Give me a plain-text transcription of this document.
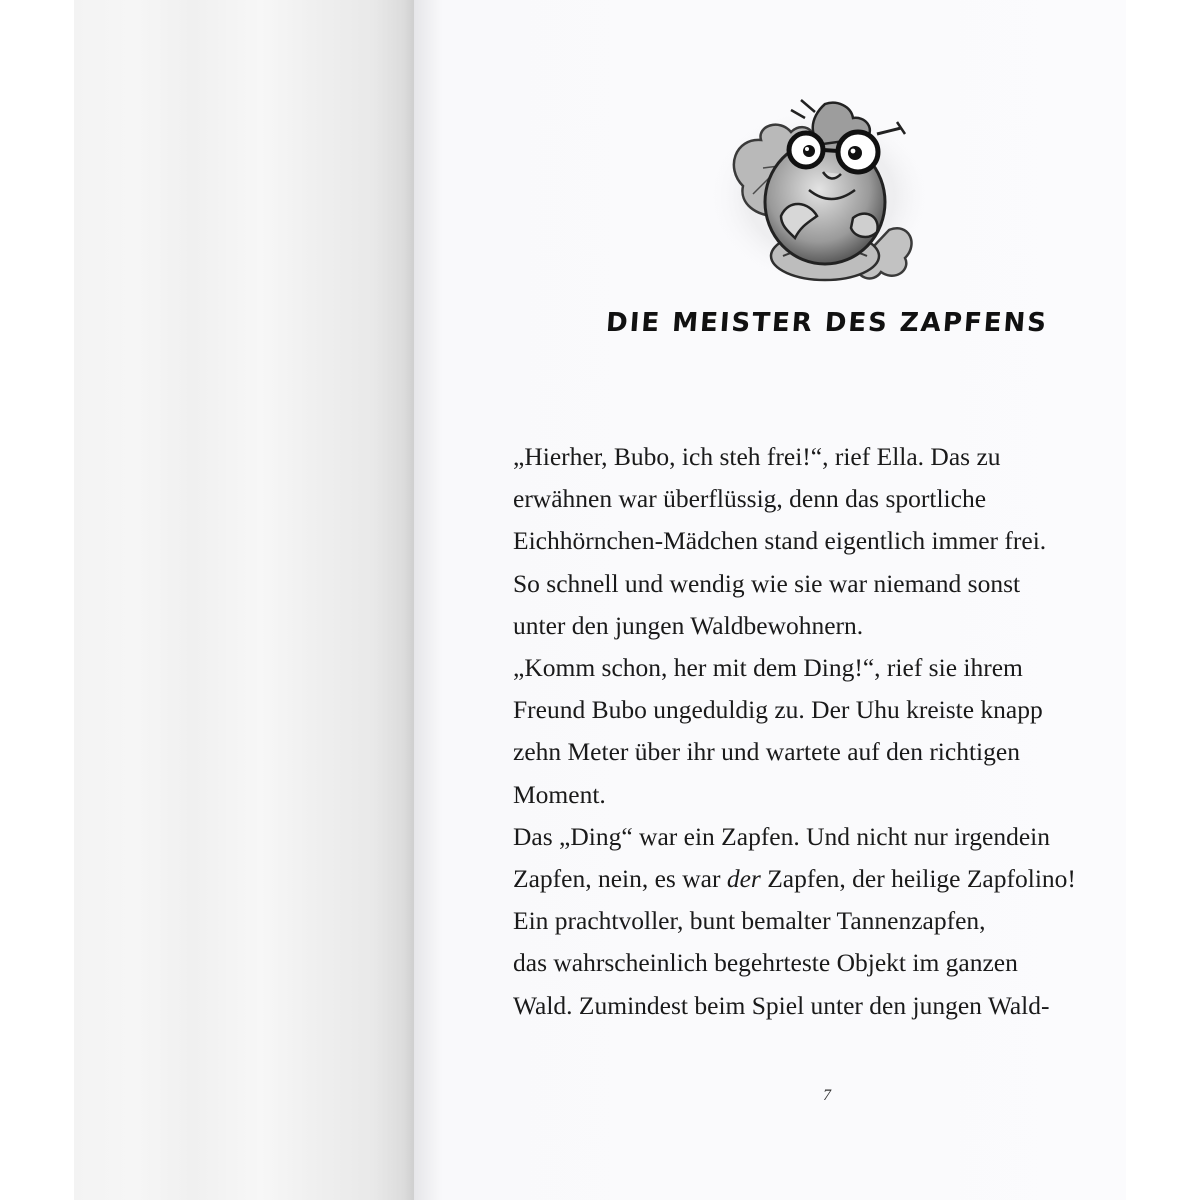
DIE MEISTER DES ZAPFENS
„Hierher, Bubo, ich steh frei!“, rief Ella. Das zu
erwähnen war überflüssig, denn das sportliche
Eichhörnchen-Mädchen stand eigentlich immer frei.
So schnell und wendig wie sie war niemand sonst
unter den jungen Waldbewohnern.
„Komm schon, her mit dem Ding!“, rief sie ihrem
Freund Bubo ungeduldig zu. Der Uhu kreiste knapp
zehn Meter über ihr und wartete auf den richtigen
Moment.
Das „Ding“ war ein Zapfen. Und nicht nur irgendein
Zapfen, nein, es war der Zapfen, der heilige Zapfolino!
Ein prachtvoller, bunt bemalter Tannenzapfen,
das wahrscheinlich begehrteste Objekt im ganzen
Wald. Zumindest beim Spiel unter den jungen Wald-
7
